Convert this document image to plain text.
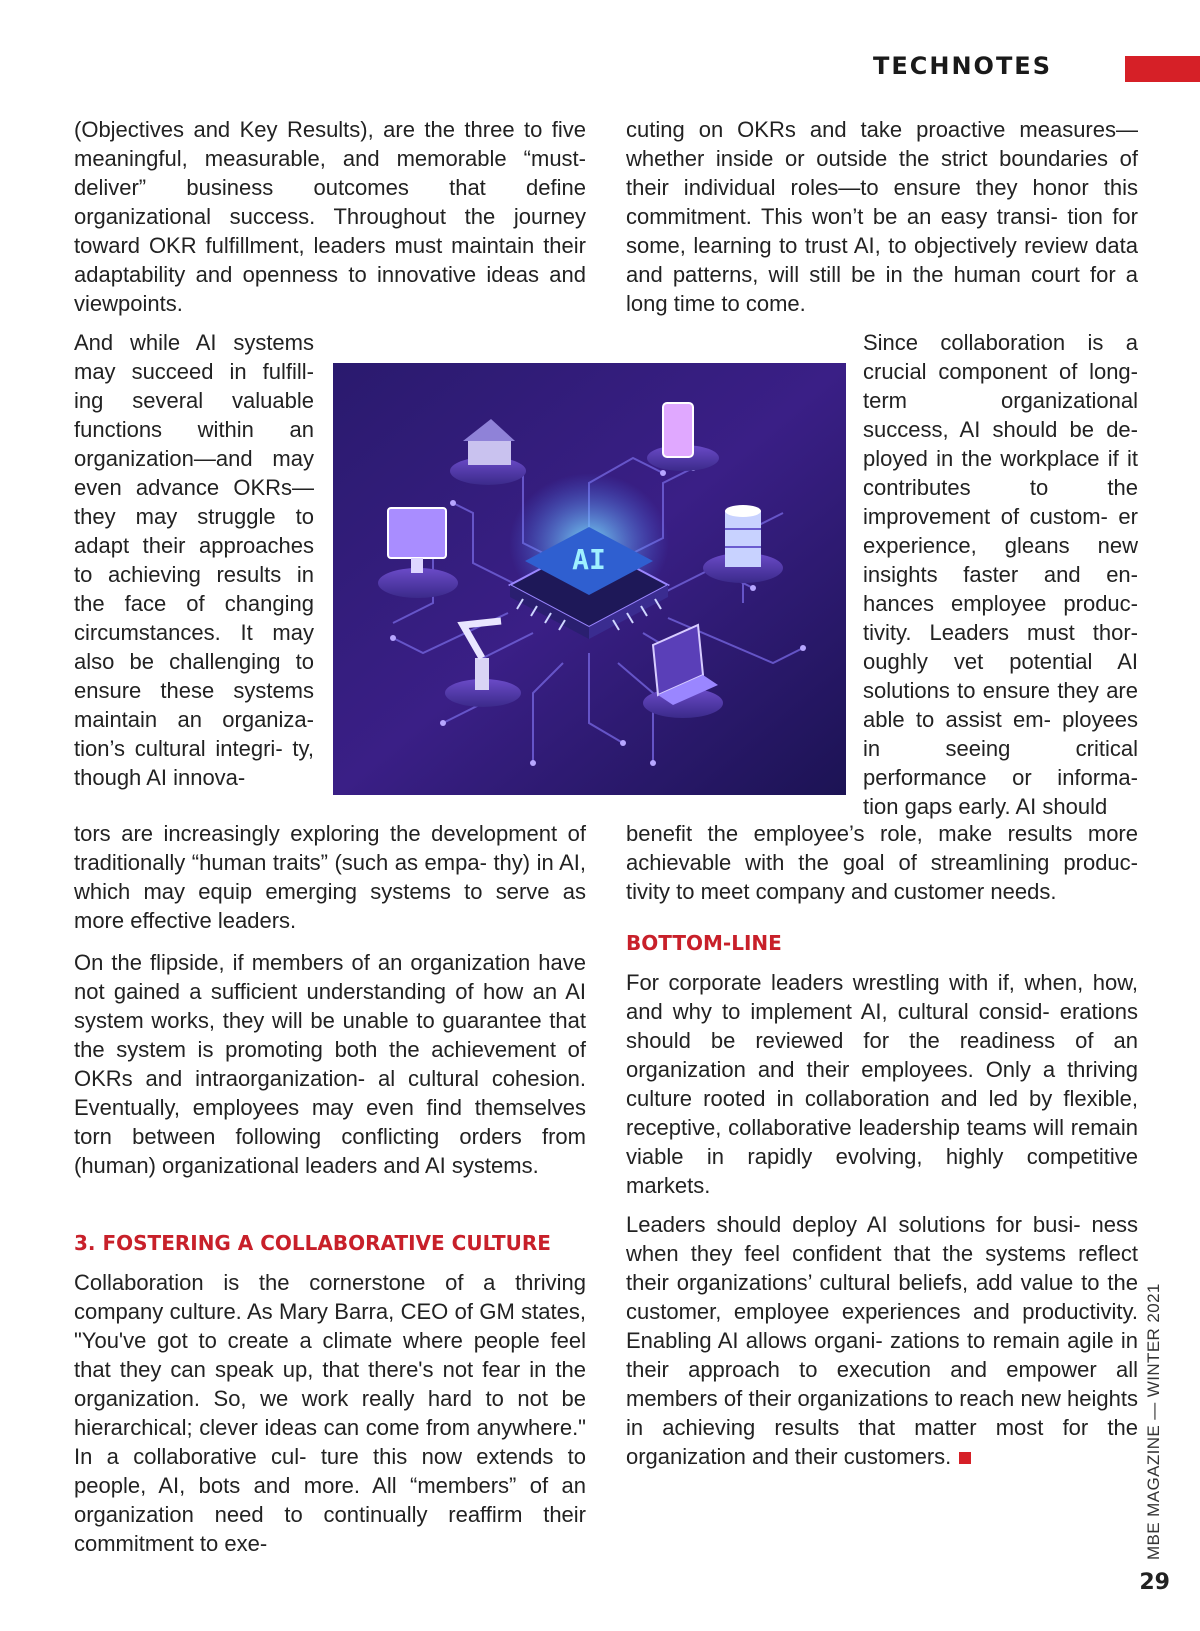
TECHNOTES

(Objectives and Key Results), are the three to five meaningful, measurable, and memorable “must-deliver” business outcomes that define organizational success. Throughout the journey toward OKR fulfillment, leaders must maintain their adaptability and openness to innovative ideas and viewpoints.

And while AI systems may succeed in fulfill- ing several valuable functions within an organization—and may even advance OKRs—they may struggle to adapt their approaches to achieving results in the face of changing circumstances. It may also be challenging to ensure these systems maintain an organiza- tion’s cultural integri- ty, though AI innova-

tors are increasingly exploring the development of traditionally “human traits” (such as empa- thy) in AI, which may equip emerging systems to serve as more effective leaders.

On the flipside, if members of an organization have not gained a sufficient understanding of how an AI system works, they will be unable to guarantee that the system is promoting both the achievement of OKRs and intraorganization- al cultural cohesion. Eventually, employees may even find themselves torn between following conflicting orders from (human) organizational leaders and AI systems.

3. FOSTERING A COLLABORATIVE CULTURE

Collaboration is the cornerstone of a thriving company culture. As Mary Barra, CEO of GM states, "You've got to create a climate where people feel that they can speak up, that there's not fear in the organization. So, we work really hard to not be hierarchical; clever ideas can come from anywhere." In a collaborative cul- ture this now extends to people, AI, bots and more. All “members” of an organization need to continually reaffirm their commitment to exe-

cuting on OKRs and take proactive measures—whether inside or outside the strict boundaries of their individual roles—to ensure they honor this commitment. This won’t be an easy transi- tion for some, learning to trust AI, to objectively review data and patterns, will still be in the human court for a long time to come.

Since collaboration is a crucial component of long-term organizational success, AI should be de- ployed in the workplace if it contributes to the improvement of custom- er experience, gleans new insights faster and en- hances employee produc- tivity. Leaders must thor- oughly vet potential AI solutions to ensure they are able to assist em- ployees in seeing critical performance or informa- tion gaps early. AI should

benefit the employee’s role, make results more achievable with the goal of streamlining produc- tivity to meet company and customer needs.

BOTTOM-LINE

For corporate leaders wrestling with if, when, how, and why to implement AI, cultural consid- erations should be reviewed for the readiness of an organization and their employees. Only a thriving culture rooted in collaboration and led by flexible, receptive, collaborative leadership teams will remain viable in rapidly evolving, highly competitive markets.

Leaders should deploy AI solutions for busi- ness when they feel confident that the systems reflect their organizations’ cultural beliefs, add value to the customer, employee experiences and productivity. Enabling AI allows organi- zations to remain agile in their approach to execution and empower all members of their organizations to reach new heights in achieving results that matter most for the organization and their customers.

AI
MBE MAGAZINE — WINTER 2021
29
